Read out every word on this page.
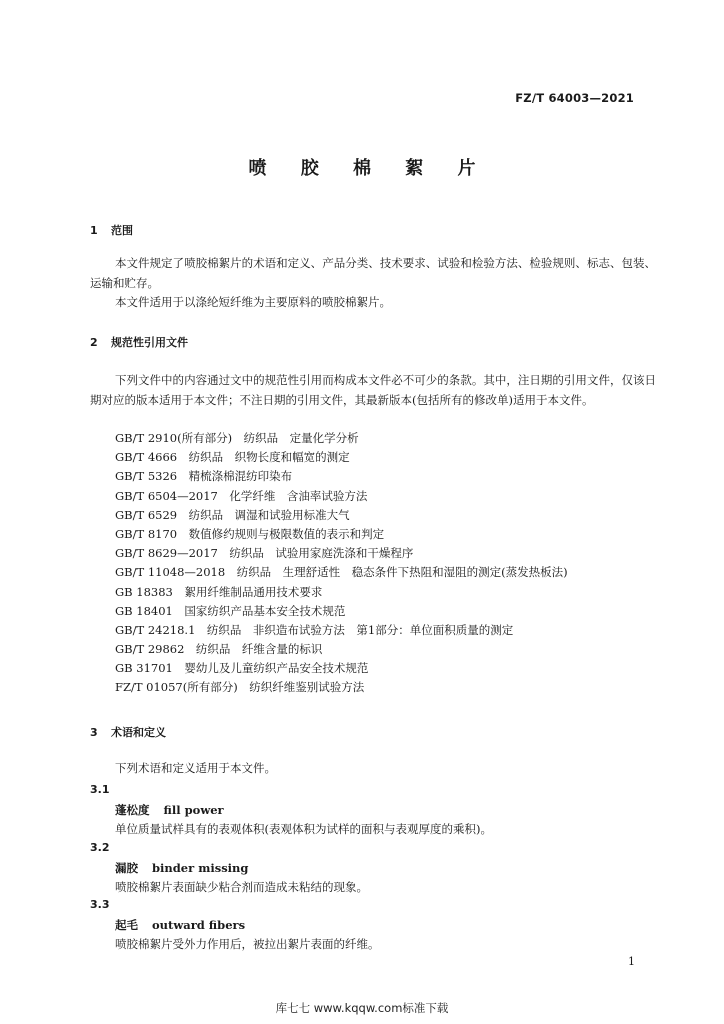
FZ/T 64003—2021
喷 胶 棉 絮 片
1 范围

本文件规定了喷胶棉絮片的术语和定义、产品分类、技术要求、试验和检验方法、检验规则、标志、包装、运输和贮存。

本文件适用于以涤纶短纤维为主要原料的喷胶棉絮片。

2 规范性引用文件

下列文件中的内容通过文中的规范性引用而构成本文件必不可少的条款。其中，注日期的引用文件，仅该日期对应的版本适用于本文件；不注日期的引用文件，其最新版本(包括所有的修改单)适用于本文件。

GB/T 2910(所有部分)　纺织品　定量化学分析
GB/T 4666　纺织品　织物长度和幅宽的测定
GB/T 5326　精梳涤棉混纺印染布
GB/T 6504—2017　化学纤维　含油率试验方法
GB/T 6529　纺织品　调湿和试验用标准大气
GB/T 8170　数值修约规则与极限数值的表示和判定
GB/T 8629—2017　纺织品　试验用家庭洗涤和干燥程序
GB/T 11048—2018　纺织品　生理舒适性　稳态条件下热阻和湿阻的测定(蒸发热板法)
GB 18383　絮用纤维制品通用技术要求
GB 18401　国家纺织产品基本安全技术规范
GB/T 24218.1　纺织品　非织造布试验方法　第1部分：单位面积质量的测定
GB/T 29862　纺织品　纤维含量的标识
GB 31701　婴幼儿及儿童纺织产品安全技术规范
FZ/T 01057(所有部分)　纺织纤维鉴别试验方法
3 术语和定义

下列术语和定义适用于本文件。

3.1
蓬松度 fill power

单位质量试样具有的表观体积(表观体积为试样的面积与表观厚度的乘积)。

3.2
漏胶 binder missing

喷胶棉絮片表面缺少粘合剂而造成未粘结的现象。

3.3
起毛 outward fibers

喷胶棉絮片受外力作用后，被拉出絮片表面的纤维。

1
库七七 www.kqqw.com标准下载
